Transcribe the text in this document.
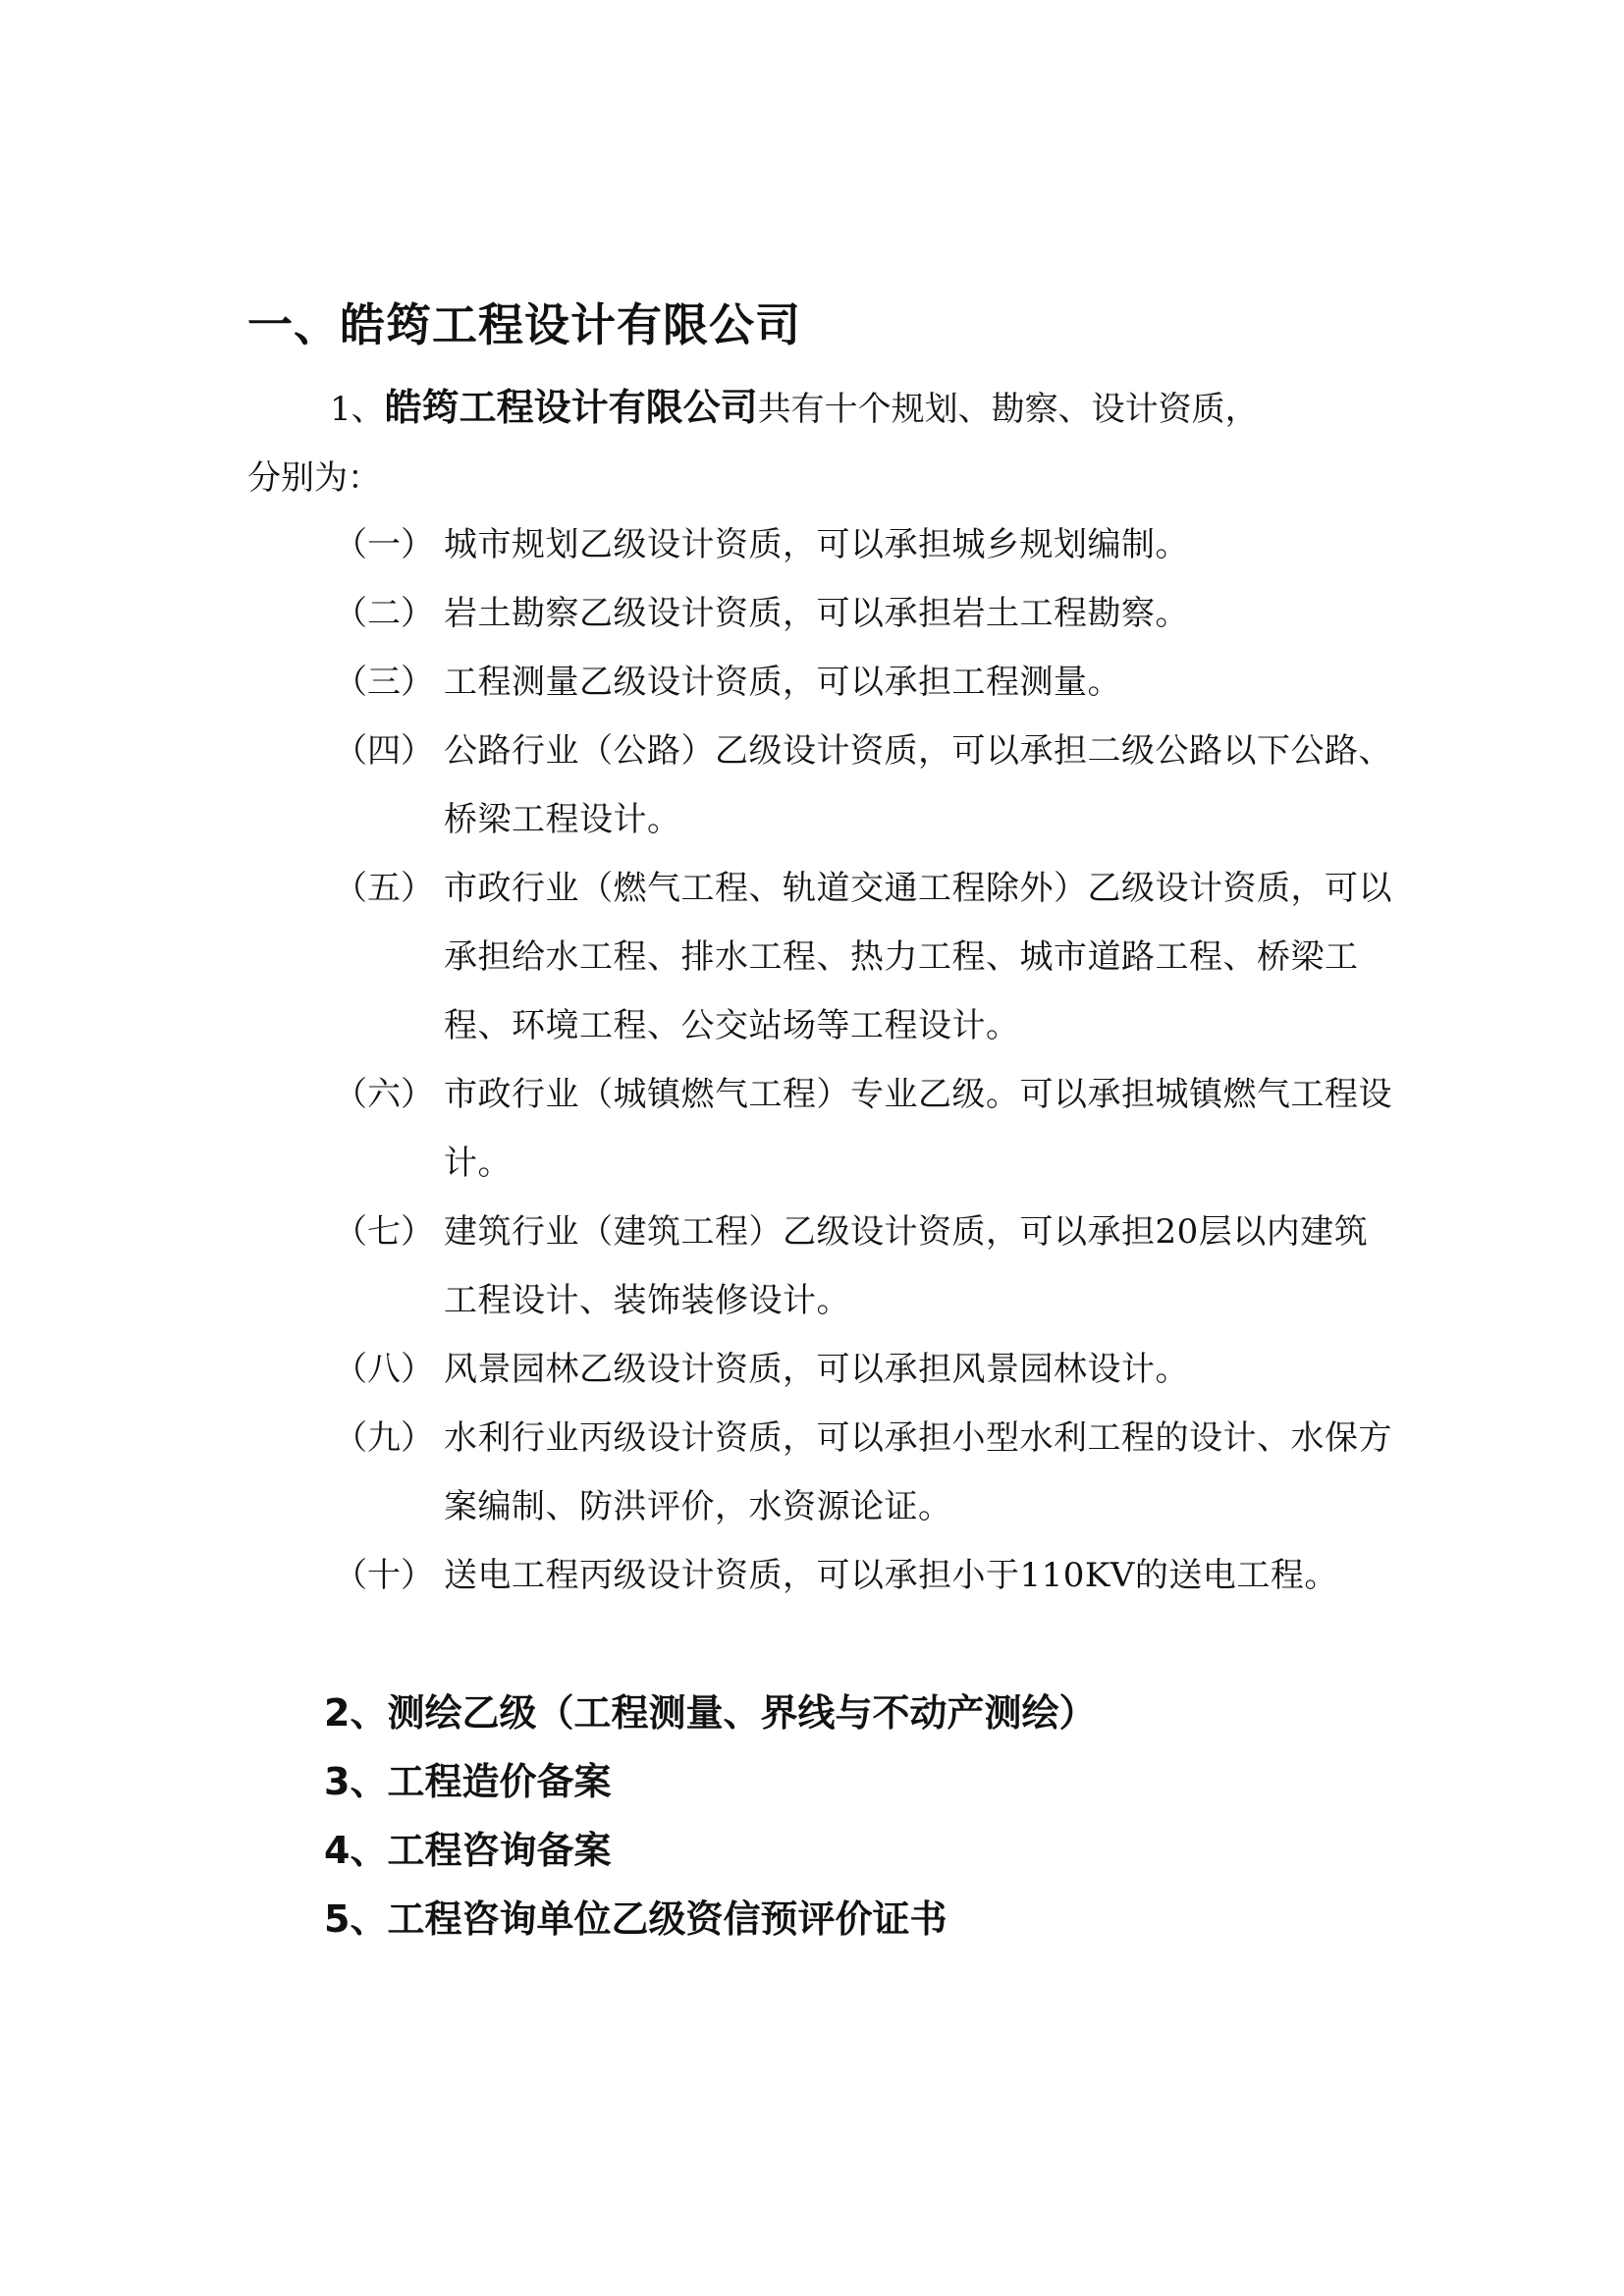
一、皓筠工程设计有限公司
1、皓筠工程设计有限公司共有十个规划、勘察、设计资质，
分别为：
（一） 城市规划乙级设计资质，可以承担城乡规划编制。
（二） 岩土勘察乙级设计资质，可以承担岩土工程勘察。
（三） 工程测量乙级设计资质，可以承担工程测量。
（四） 公路行业（公路）乙级设计资质，可以承担二级公路以下公路、桥梁工程设计。
（五） 市政行业（燃气工程、轨道交通工程除外）乙级设计资质，可以承担给水工程、排水工程、热力工程、城市道路工程、桥梁工程、环境工程、公交站场等工程设计。
（六） 市政行业（城镇燃气工程）专业乙级。可以承担城镇燃气工程设计。
（七） 建筑行业（建筑工程）乙级设计资质，可以承担20层以内建筑工程设计、装饰装修设计。
（八） 风景园林乙级设计资质，可以承担风景园林设计。
（九） 水利行业丙级设计资质，可以承担小型水利工程的设计、水保方案编制、防洪评价，水资源论证。
（十） 送电工程丙级设计资质，可以承担小于110KV的送电工程。
2、测绘乙级（工程测量、界线与不动产测绘）
3、工程造价备案
4、工程咨询备案
5、工程咨询单位乙级资信预评价证书
